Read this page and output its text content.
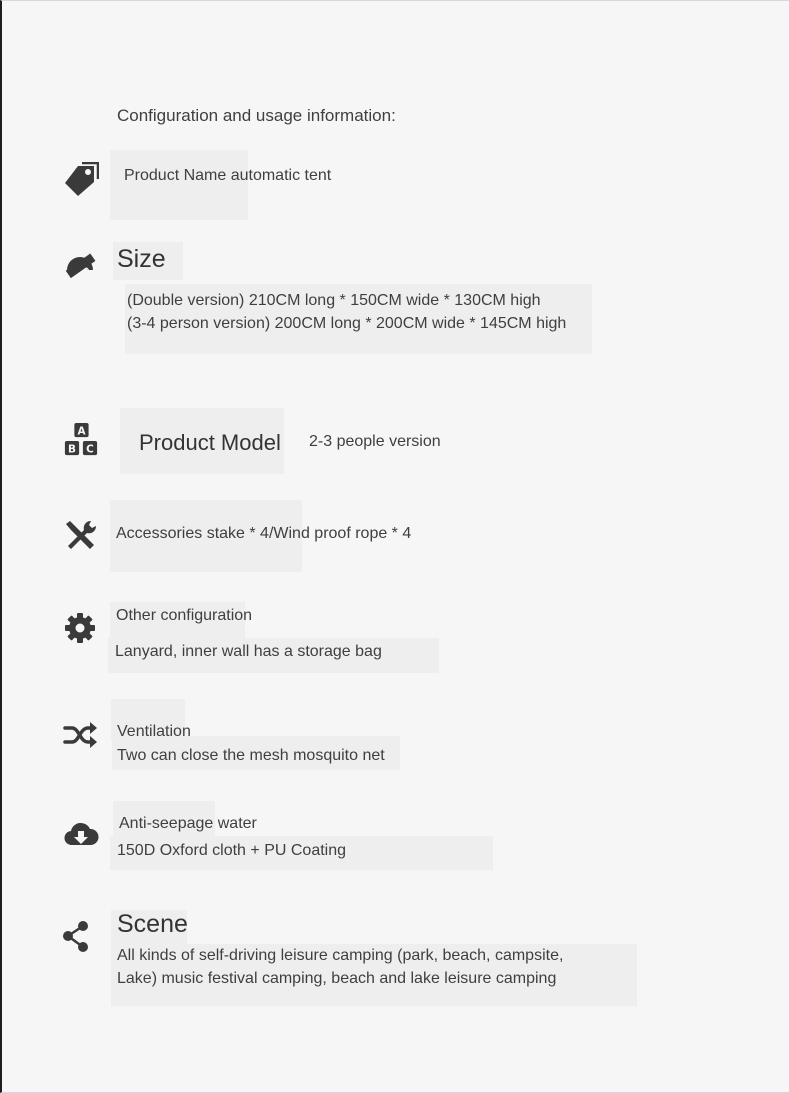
Configuration and usage information:
Product Name automatic tent
Size
(Double version) 210CM long * 150CM wide * 130CM high
(3-4 person version) 200CM long * 200CM wide * 145CM high
A
B C Product Model 2-3 people version
Accessories stake * 4/Wind proof rope * 4
Other configuration
Lanyard, inner wall has a storage bag
Ventilation
Two can close the mesh mosquito net
Anti-seepage water
150D Oxford cloth + PU Coating
Scene
All kinds of self-driving leisure camping (park, beach, campsite,
Lake) music festival camping, beach and lake leisure camping
